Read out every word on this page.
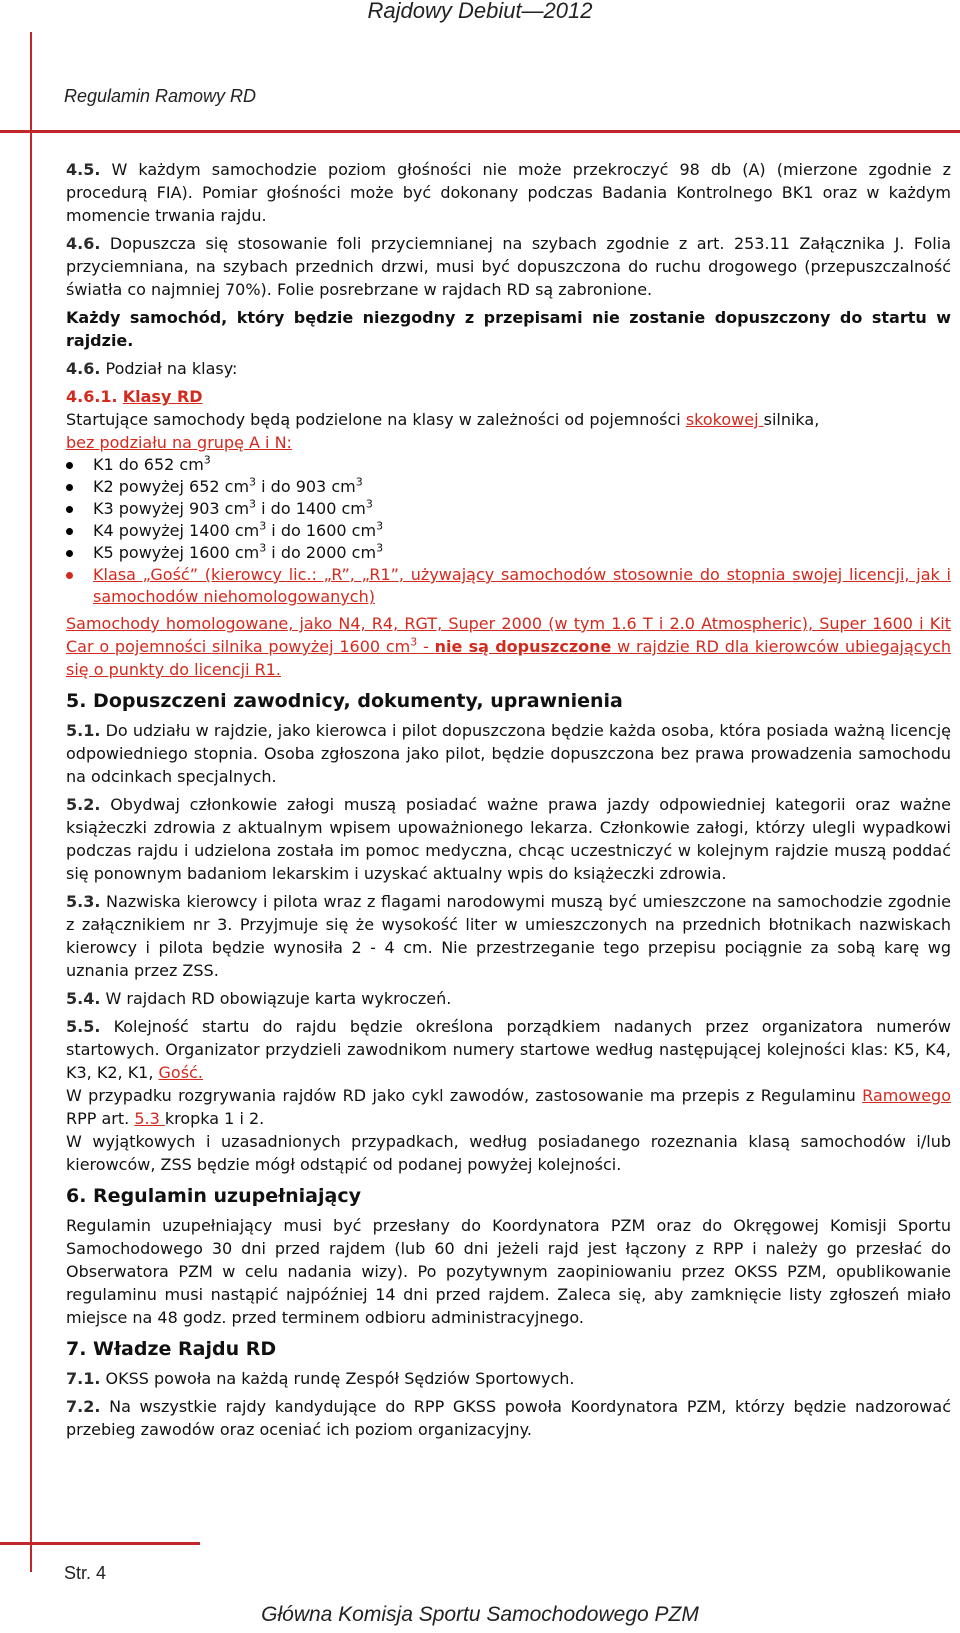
Rajdowy Debiut—2012
Regulamin Ramowy RD

4.5. W każdym samochodzie poziom głośności nie może przekroczyć 98 db (A) (mierzone zgodnie z procedurą FIA). Pomiar głośności może być dokonany podczas Badania Kontrolnego BK1 oraz w każdym momencie trwania rajdu.

4.6. Dopuszcza się stosowanie foli przyciemnianej na szybach zgodnie z art. 253.11 Załącznika J. Folia przyciemniana, na szybach przednich drzwi, musi być dopuszczona do ruchu drogowego (przepuszczalność światła co najmniej 70%). Folie posrebrzane w rajdach RD są zabronione.

Każdy samochód, który będzie niezgodny z przepisami nie zostanie dopuszczony do startu w rajdzie.

4.6. Podział na klasy:

4.6.1. Klasy RD
Startujące samochody będą podzielone na klasy w zależności od pojemności skokowej silnika,
bez podziału na grupę A i N:

K1 do 652 $cm^3$
K2 powyżej 652 $cm^3$ i do 903 $cm^3$
K3 powyżej 903 $cm^3$ i do 1400 $cm^3$
K4 powyżej 1400 $cm^3$ i do 1600 $cm^3$
K5 powyżej 1600 $cm^3$ i do 2000 $cm^3$
Klasa „Gość” (kierowcy lic.: „R”, „R1”, używający samochodów stosownie do stopnia swojej licencji, jak i samochodów niehomologowanych)

Samochody homologowane, jako N4, R4, RGT, Super 2000 (w tym 1.6 T i 2.0 Atmospheric), Super 1600 i Kit Car o pojemności silnika powyżej 1600 $cm^3$ - nie są dopuszczone w rajdzie RD dla kierowców ubiegających się o punkty do licencji R1.

5. Dopuszczeni zawodnicy, dokumenty, uprawnienia

5.1. Do udziału w rajdzie, jako kierowca i pilot dopuszczona będzie każda osoba, która posiada ważną licencję odpowiedniego stopnia. Osoba zgłoszona jako pilot, będzie dopuszczona bez prawa prowadzenia samochodu na odcinkach specjalnych.

5.2. Obydwaj członkowie załogi muszą posiadać ważne prawa jazdy odpowiedniej kategorii oraz ważne książeczki zdrowia z aktualnym wpisem upoważnionego lekarza. Członkowie załogi, którzy ulegli wypadkowi podczas rajdu i udzielona została im pomoc medyczna, chcąc uczestniczyć w kolejnym rajdzie muszą poddać się ponownym badaniom lekarskim i uzyskać aktualny wpis do książeczki zdrowia.

5.3. Nazwiska kierowcy i pilota wraz z flagami narodowymi muszą być umieszczone na samochodzie zgodnie z załącznikiem nr 3. Przyjmuje się że wysokość liter w umieszczonych na przednich błotnikach nazwiskach kierowcy i pilota będzie wynosiła 2 - 4 cm. Nie przestrzeganie tego przepisu pociągnie za sobą karę wg uznania przez ZSS.

5.4. W rajdach RD obowiązuje karta wykroczeń.

5.5. Kolejność startu do rajdu będzie określona porządkiem nadanych przez organizatora numerów startowych. Organizator przydzieli zawodnikom numery startowe według następującej kolejności klas: K5, K4, K3, K2, K1, Gość.
W przypadku rozgrywania rajdów RD jako cykl zawodów, zastosowanie ma przepis z Regulaminu Ramowego RPP art. 5.3 kropka 1 i 2.
W wyjątkowych i uzasadnionych przypadkach, według posiadanego rozeznania klasą samochodów i/lub kierowców, ZSS będzie mógł odstąpić od podanej powyżej kolejności.

6. Regulamin uzupełniający

Regulamin uzupełniający musi być przesłany do Koordynatora PZM oraz do Okręgowej Komisji Sportu Samochodowego 30 dni przed rajdem (lub 60 dni jeżeli rajd jest łączony z RPP i należy go przesłać do Obserwatora PZM w celu nadania wizy). Po pozytywnym zaopiniowaniu przez OKSS PZM, opublikowanie regulaminu musi nastąpić najpóźniej 14 dni przed rajdem. Zaleca się, aby zamknięcie listy zgłoszeń miało miejsce na 48 godz. przed terminem odbioru administracyjnego.

7. Władze Rajdu RD

7.1. OKSS powoła na każdą rundę Zespół Sędziów Sportowych.

7.2. Na wszystkie rajdy kandydujące do RPP GKSS powoła Koordynatora PZM, którzy będzie nadzorować przebieg zawodów oraz oceniać ich poziom organizacyjny.

Str. 4
Główna Komisja Sportu Samochodowego PZM
